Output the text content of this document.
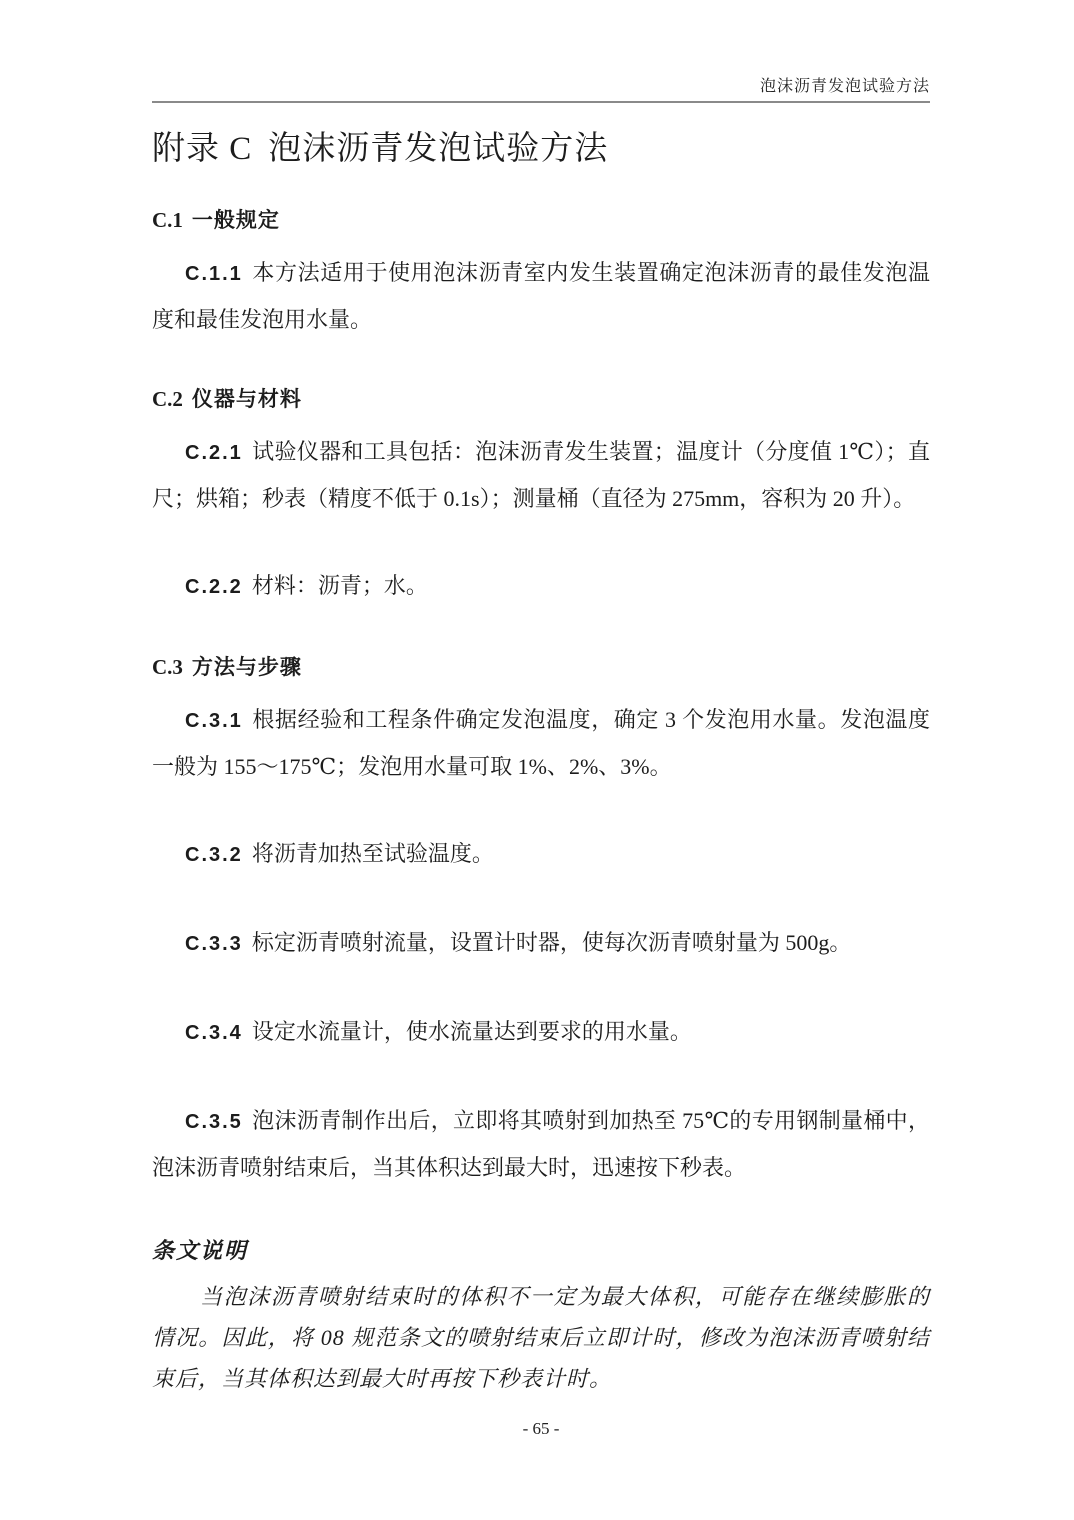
泡沫沥青发泡试验方法
附录 C 泡沫沥青发泡试验方法
C.1 一般规定

C.1.1 本方法适用于使用泡沫沥青室内发生装置确定泡沫沥青的最佳发泡温度和最佳发泡用水量。

C.2 仪器与材料

C.2.1 试验仪器和工具包括：泡沫沥青发生装置；温度计（分度值 1℃）；直尺；烘箱；秒表（精度不低于 0.1s）；测量桶（直径为 275mm，容积为 20 升）。

C.2.2 材料：沥青；水。

C.3 方法与步骤

C.3.1 根据经验和工程条件确定发泡温度，确定 3 个发泡用水量。发泡温度一般为 155～175℃；发泡用水量可取 1%、2%、3%。

C.3.2 将沥青加热至试验温度。

C.3.3 标定沥青喷射流量，设置计时器，使每次沥青喷射量为 500g。

C.3.4 设定水流量计，使水流量达到要求的用水量。

C.3.5 泡沫沥青制作出后，立即将其喷射到加热至 75℃的专用钢制量桶中，泡沫沥青喷射结束后，当其体积达到最大时，迅速按下秒表。

条文说明

当泡沫沥青喷射结束时的体积不一定为最大体积，可能存在继续膨胀的情况。因此，将 08 规范条文的喷射结束后立即计时，修改为泡沫沥青喷射结束后，当其体积达到最大时再按下秒表计时。

- 65 -
